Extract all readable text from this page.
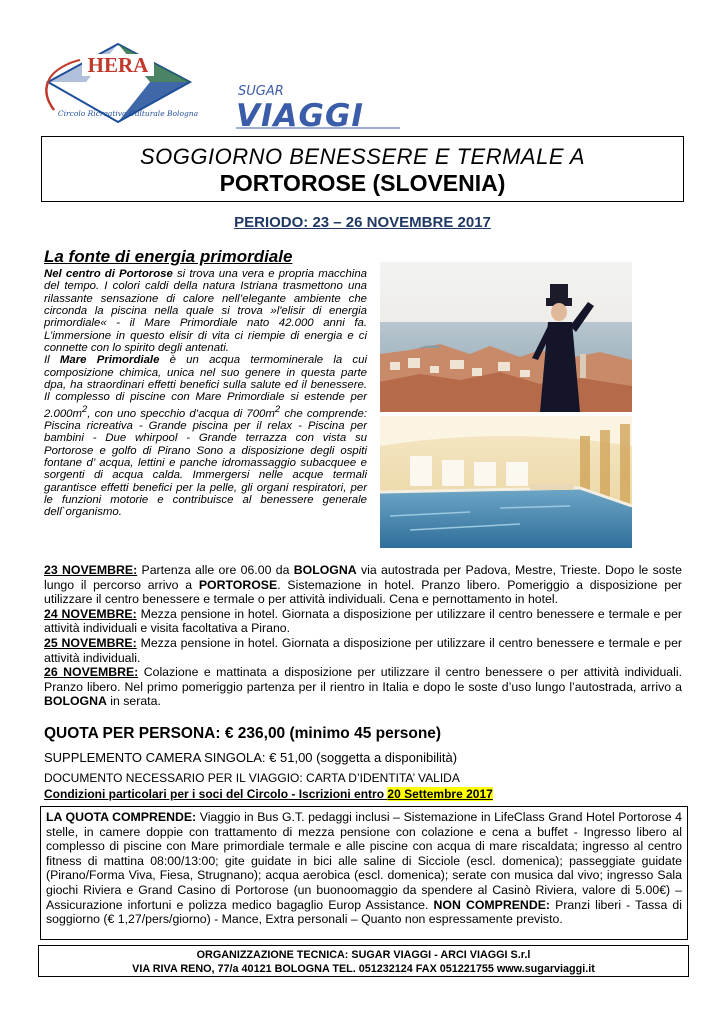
HERA
Circolo Ricreativo Culturale Bologna
SUGAR
VIAGGI
SOGGIORNO BENESSERE E TERMALE A
PORTOROSE (SLOVENIA)
PERIODO: 23 – 26 NOVEMBRE 2017
La fonte di energia primordiale

Nel centro di Portorose si trova una vera e propria macchina del tempo. I colori caldi della natura Istriana trasmettono una rilassante sensazione di calore nell’elegante ambiente che circonda la piscina nella quale si trova »l'elisir di energia primordiale« - il Mare Primordiale nato 42.000 anni fa. L’immersione in questo elisir di vita ci riempie di energia e ci connette con lo spirito degli antenati.

Il Mare Primordiale è un acqua termominerale la cui composizione chimica, unica nel suo genere in questa parte dpa, ha straordinari effetti benefici sulla salute ed il benessere. Il complesso di piscine con Mare Primordiale si estende per $2.000m^2$, con uno specchio d’acqua di $700m^2$ che comprende: Piscina ricreativa - Grande piscina per il relax - Piscina per bambini - Due whirpool - Grande terrazza con vista su Portorose e golfo di Pirano Sono a disposizione degli ospiti fontane d’ acqua, lettini e panche idromassaggio subacquee e sorgenti di acqua calda. Immergersi nelle acque termali garantisce effetti benefici per la pelle, gli organi respiratori, per le funzioni motorie e contribuisce al benessere generale dell`organismo.

23 NOVEMBRE: Partenza alle ore 06.00 da BOLOGNA via autostrada per Padova, Mestre, Trieste. Dopo le soste lungo il percorso arrivo a PORTOROSE. Sistemazione in hotel. Pranzo libero. Pomeriggio a disposizione per utilizzare il centro benessere e termale o per attività individuali. Cena e pernottamento in hotel.

24 NOVEMBRE: Mezza pensione in hotel. Giornata a disposizione per utilizzare il centro benessere e termale e per attività individuali e visita facoltativa a Pirano.

25 NOVEMBRE: Mezza pensione in hotel. Giornata a disposizione per utilizzare il centro benessere e termale e per attività individuali.

26 NOVEMBRE: Colazione e mattinata a disposizione per utilizzare il centro benessere o per attività individuali. Pranzo libero. Nel primo pomeriggio partenza per il rientro in Italia e dopo le soste d’uso lungo l’autostrada, arrivo a BOLOGNA in serata.

QUOTA PER PERSONA: € 236,00 (minimo 45 persone)
SUPPLEMENTO CAMERA SINGOLA: € 51,00 (soggetta a disponibilità)
DOCUMENTO NECESSARIO PER IL VIAGGIO: CARTA D’IDENTITA’ VALIDA
Condizioni particolari per i soci del Circolo - Iscrizioni entro 20 Settembre 2017

LA QUOTA COMPRENDE: Viaggio in Bus G.T. pedaggi inclusi – Sistemazione in LifeClass Grand Hotel Portorose 4 stelle, in camere doppie con trattamento di mezza pensione con colazione e cena a buffet - Ingresso libero al complesso di piscine con Mare primordiale termale e alle piscine con acqua di mare riscaldata; ingresso al centro fitness di mattina 08:00/13:00; gite guidate in bici alle saline di Sicciole (escl. domenica); passeggiate guidate (Pirano/Forma Viva, Fiesa, Strugnano); acqua aerobica (escl. domenica); serate con musica dal vivo; ingresso Sala giochi Riviera e Grand Casino di Portorose (un buonoomaggio da spendere al Casinò Riviera, valore di 5.00€) – Assicurazione infortuni e polizza medico bagaglio Europ Assistance. NON COMPRENDE: Pranzi liberi - Tassa di soggiorno (€ 1,27/pers/giorno) - Mance, Extra personali – Quanto non espressamente previsto.

ORGANIZZAZIONE TECNICA: SUGAR VIAGGI - ARCI VIAGGI S.r.l
VIA RIVA RENO, 77/a 40121 BOLOGNA TEL. 051232124 FAX 051221755 www.sugarviaggi.it
